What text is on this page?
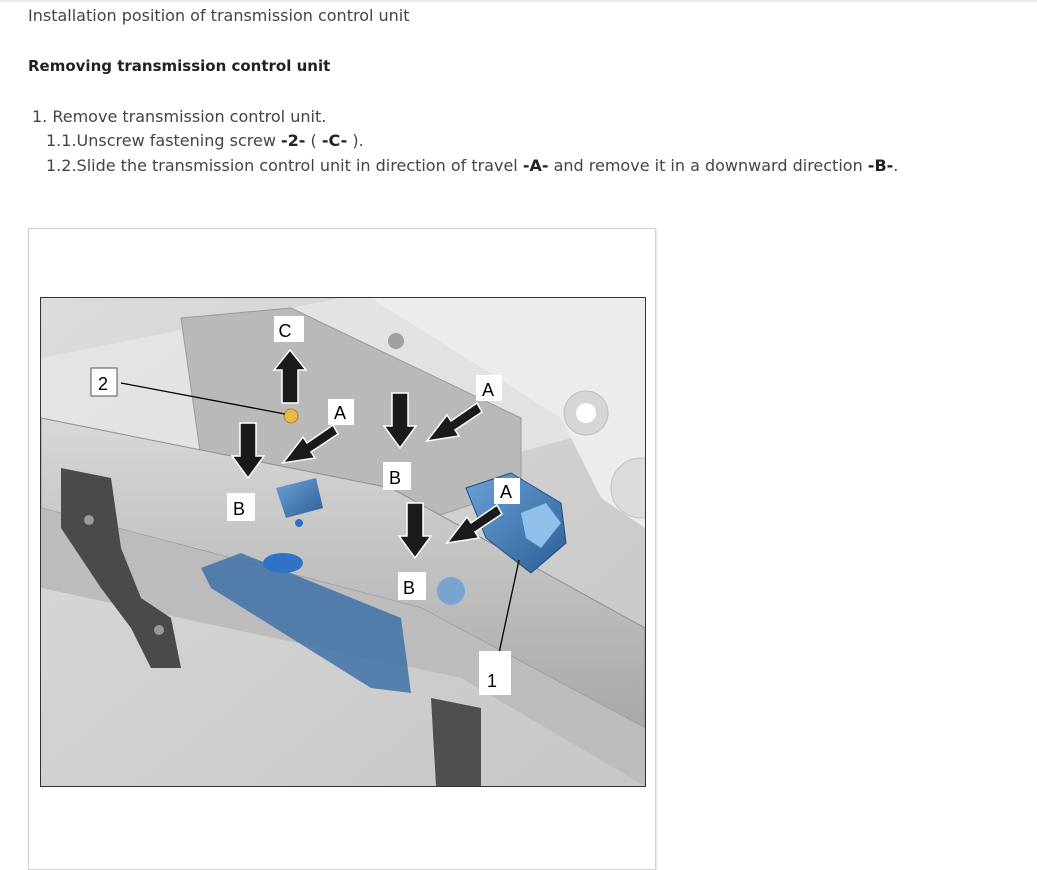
Installation position of transmission control unit
Removing transmission control unit
1. Remove transmission control unit.
1.1.Unscrew fastening screw -2- ( -C- ).
1.2.Slide the transmission control unit in direction of travel -A- and remove it in a downward direction -B-.
C
2
A
A
A
B
B
B
1
